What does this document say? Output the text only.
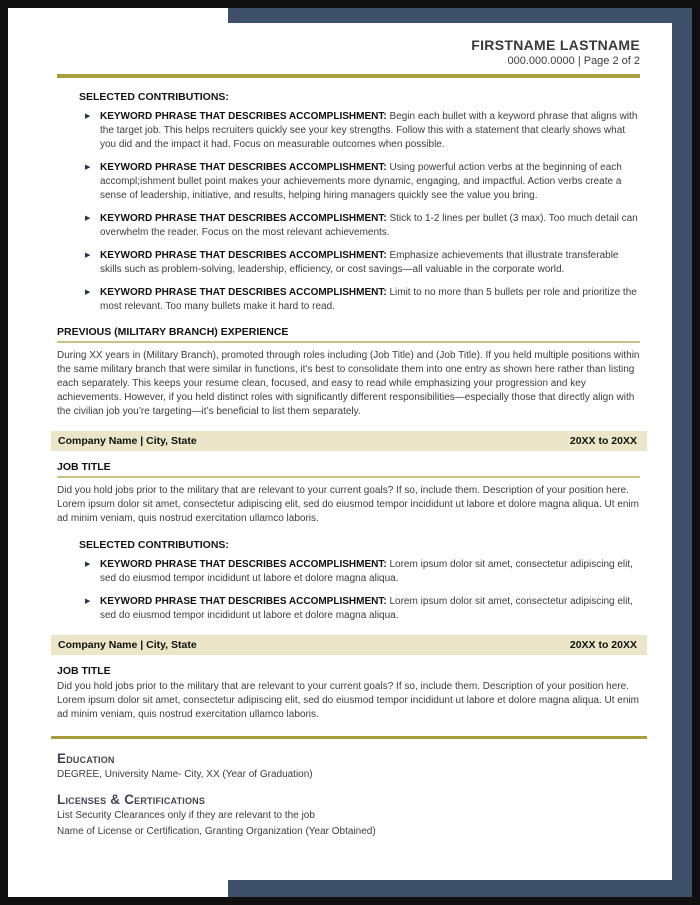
FIRSTNAME LASTNAME
000.000.0000 | Page 2 of 2
SELECTED CONTRIBUTIONS:
▶ KEYWORD PHRASE THAT DESCRIBES ACCOMPLISHMENT: Begin each bullet with a keyword phrase that aligns with the target job. This helps recruiters quickly see your key strengths. Follow this with a statement that clearly shows what you did and the impact it had. Focus on measurable outcomes when possible.

▶ KEYWORD PHRASE THAT DESCRIBES ACCOMPLISHMENT: Using powerful action verbs at the beginning of each accompl;ishment bullet point makes your achievements more dynamic, engaging, and impactful. Action verbs create a sense of leadership, initiative, and results, helping hiring managers quickly see the value you bring.

▶ KEYWORD PHRASE THAT DESCRIBES ACCOMPLISHMENT: Stick to 1-2 lines per bullet (3 max). Too much detail can overwhelm the reader. Focus on the most relevant achievements.

▶ KEYWORD PHRASE THAT DESCRIBES ACCOMPLISHMENT: Emphasize achievements that illustrate transferable skills such as problem-solving, leadership, efficiency, or cost savings—all valuable in the corporate world.

▶ KEYWORD PHRASE THAT DESCRIBES ACCOMPLISHMENT: Limit to no more than 5 bullets per role and prioritize the most relevant. Too many bullets make it hard to read.

PREVIOUS (MILITARY BRANCH) EXPERIENCE

During XX years in (Military Branch), promoted through roles including (Job Title) and (Job Title). If you held multiple positions within the same military branch that were similar in functions, it’s best to consolidate them into one entry as shown here rather than listing each separately. This keeps your resume clean, focused, and easy to read while emphasizing your progression and key achievements. However, if you held distinct roles with significantly different responsibilities—especially those that directly align with the civilian job you’re targeting—it’s beneficial to list them separately.

Company Name | City, State	20XX to 20XX
JOB TITLE

Did you hold jobs prior to the military that are relevant to your current goals? If so, include them. Description of your position here. Lorem ipsum dolor sit amet, consectetur adipiscing elit, sed do eiusmod tempor incididunt ut labore et dolore magna aliqua. Ut enim ad minim veniam, quis nostrud exercitation ullamco laboris.

SELECTED CONTRIBUTIONS:
▶ KEYWORD PHRASE THAT DESCRIBES ACCOMPLISHMENT: Lorem ipsum dolor sit amet, consectetur adipiscing elit, sed do eiusmod tempor incididunt ut labore et dolore magna aliqua.

▶ KEYWORD PHRASE THAT DESCRIBES ACCOMPLISHMENT: Lorem ipsum dolor sit amet, consectetur adipiscing elit, sed do eiusmod tempor incididunt ut labore et dolore magna aliqua.

Company Name | City, State	20XX to 20XX
JOB TITLE

Did you hold jobs prior to the military that are relevant to your current goals? If so, include them. Description of your position here. Lorem ipsum dolor sit amet, consectetur adipiscing elit, sed do eiusmod tempor incididunt ut labore et dolore magna aliqua. Ut enim ad minim veniam, quis nostrud exercitation ullamco laboris.

Education

DEGREE, University Name- City, XX (Year of Graduation)

Licenses & Certifications

List Security Clearances only if they are relevant to the job

Name of License or Certification, Granting Organization (Year Obtained)
